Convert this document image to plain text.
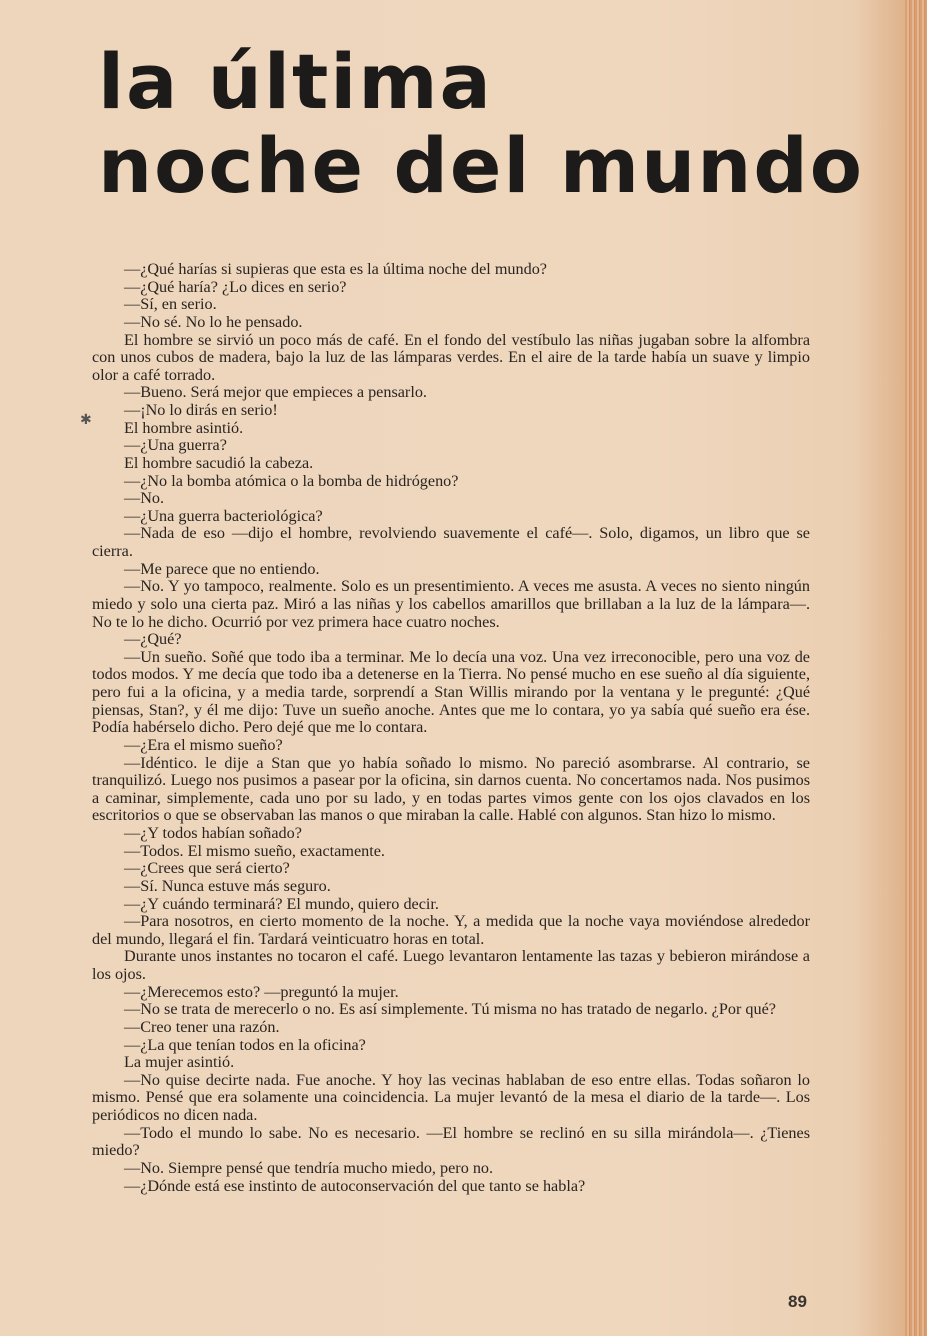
la última
noche del mundo
✱

—¿Qué harías si supieras que esta es la última noche del mundo?

—¿Qué haría? ¿Lo dices en serio?

—Sí, en serio.

—No sé. No lo he pensado.

El hombre se sirvió un poco más de café. En el fondo del vestíbulo las niñas jugaban sobre la alfombra con unos cubos de madera, bajo la luz de las lámparas verdes. En el aire de la tarde había un suave y limpio olor a café torrado.

—Bueno. Será mejor que empieces a pensarlo.

—¡No lo dirás en serio!

El hombre asintió.

—¿Una guerra?

El hombre sacudió la cabeza.

—¿No la bomba atómica o la bomba de hidrógeno?

—No.

—¿Una guerra bacteriológica?

—Nada de eso —dijo el hombre, revolviendo suavemente el café—. Solo, digamos, un libro que se cierra.

—Me parece que no entiendo.

—No. Y yo tampoco, realmente. Solo es un presentimiento. A veces me asusta. A veces no siento ningún miedo y solo una cierta paz. Miró a las niñas y los cabellos amarillos que brillaban a la luz de la lámpara—. No te lo he dicho. Ocurrió por vez primera hace cuatro noches.

—¿Qué?

—Un sueño. Soñé que todo iba a terminar. Me lo decía una voz. Una vez irreconocible, pero una voz de todos modos. Y me decía que todo iba a detenerse en la Tierra. No pensé mucho en ese sueño al día siguiente, pero fui a la oficina, y a media tarde, sorprendí a Stan Willis mirando por la ventana y le pregunté: ¿Qué piensas, Stan?, y él me dijo: Tuve un sueño anoche. Antes que me lo contara, yo ya sabía qué sueño era ése. Podía habérselo dicho. Pero dejé que me lo contara.

—¿Era el mismo sueño?

—Idéntico. le dije a Stan que yo había soñado lo mismo. No pareció asombrarse. Al contrario, se tranquilizó. Luego nos pusimos a pasear por la oficina, sin darnos cuenta. No concertamos nada. Nos pusimos a caminar, simplemente, cada uno por su lado, y en todas partes vimos gente con los ojos clavados en los escritorios o que se observaban las manos o que miraban la calle. Hablé con algunos. Stan hizo lo mismo.

—¿Y todos habían soñado?

—Todos. El mismo sueño, exactamente.

—¿Crees que será cierto?

—Sí. Nunca estuve más seguro.

—¿Y cuándo terminará? El mundo, quiero decir.

—Para nosotros, en cierto momento de la noche. Y, a medida que la noche vaya moviéndose alrededor del mundo, llegará el fin. Tardará veinticuatro horas en total.

Durante unos instantes no tocaron el café. Luego levantaron lentamente las tazas y bebieron mirándose a los ojos.

—¿Merecemos esto? —preguntó la mujer.

—No se trata de merecerlo o no. Es así simplemente. Tú misma no has tratado de negarlo. ¿Por qué?

—Creo tener una razón.

—¿La que tenían todos en la oficina?

La mujer asintió.

—No quise decirte nada. Fue anoche. Y hoy las vecinas hablaban de eso entre ellas. Todas soñaron lo mismo. Pensé que era solamente una coincidencia. La mujer levantó de la mesa el diario de la tarde—. Los periódicos no dicen nada.

—Todo el mundo lo sabe. No es necesario. —El hombre se reclinó en su silla mirándola—. ¿Tienes miedo?

—No. Siempre pensé que tendría mucho miedo, pero no.

—¿Dónde está ese instinto de autoconservación del que tanto se habla?

89
